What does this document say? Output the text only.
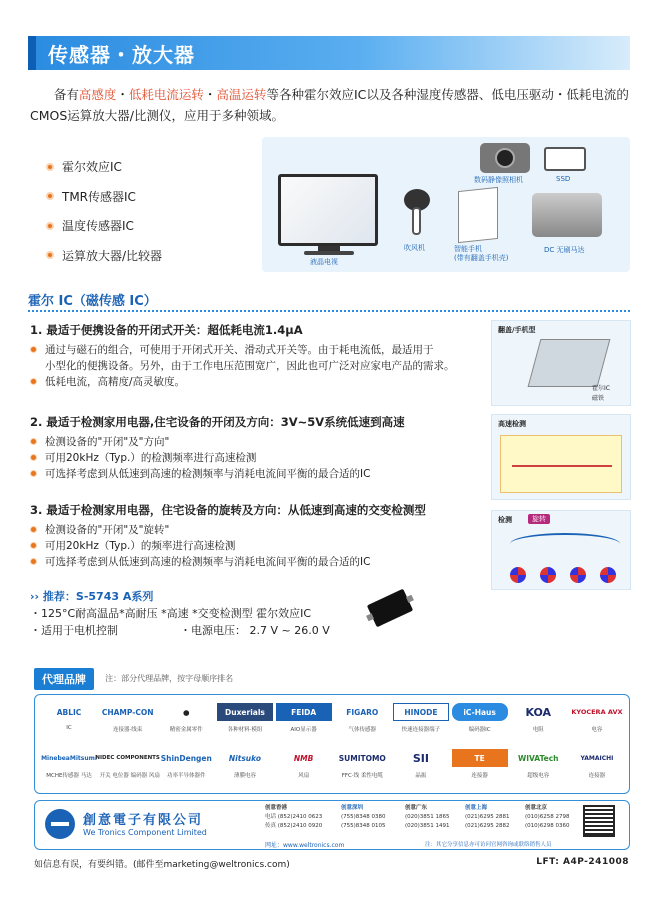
传感器・放大器
备有高感度・低耗电流运转・高温运转等各种霍尔效应IC以及各种湿度传感器、低电压驱动・低耗电流的CMOS运算放大器/比测仪，应用于多种领域。
霍尔效应IC
TMR传感器IC
温度传感器IC
运算放大器/比较器	液晶电视
吹风机	智能手机
(带有翻盖手机壳)
数码静像照相机	SSD
DC 无刷马达
霍尔 IC（磁传感 IC）
1. 最适于便携设备的开闭式开关：超低耗电流1.4μA

通过与磁石的组合，可使用于开闭式开关、滑动式开关等。由于耗电流低，最适用于

小型化的便携设备。另外，由于工作电压范围宽广，因此也可广泛对应家电产品的需求。

低耗电流，高精度/高灵敏度。

2. 最适于检测家用电器,住宅设备的开闭及方向：3V~5V系统低速到高速

检测设备的"开闭"及"方向"

可用20kHz（Typ.）的检测频率进行高速检测

可选择考虑到从低速到高速的检测频率与消耗电流间平衡的最合适的IC

3. 最适于检测家用电器，住宅设备的旋转及方向：从低速到高速的交变检测型

检测设备的"开闭"及"旋转"

可用20kHz（Typ.）的频率进行高速检测

可选择考虑到从低速到高速的检测频率与消耗电流间平衡的最合适的IC

翻盖/手机型
霍尔IC
磁铁
高速检测
检测	旋转
›› 推荐：S-5743 A系列
・125°C耐高温品*高耐压 *高速 *交变检测型 霍尔效应IC
・适用于电机控制	・电源电压： 2.7 V ~ 26.0 V
代理品牌 注：部分代理品牌，按字母顺序排名
ABLIC
IC
CHAMP-CON
连接器·线束
●
精密金属零件
Duxerials
各种材料·模组
FEIDA
AIO显示器
FIGARO
气体传感器
HINODE
快速连接器端子
iC-Haus
编码器IC
KOA
电阻
KYOCERA AVX
电容
MinebeaMitsumi
MCHE传感器 马达
NIDEC COMPONENTS
开关 电位器 编码器 风扇
ShinDengen
功率半导体器件
Nitsuko
薄膜电容
NMB
风扇
SUMITOMO
FFC·线 柔性电缆
SII
晶振
TE
连接器
WIVATech
超级电容
YAMAICHI
连接器
創意電子有限公司
We Tronics Component Limited
创意香港
电话 (852)2410 0623
传真 (852)2410 0920
创意深圳
(755)8348 0380
(755)8348 0105
创意广东
(020)3851 1865
(020)3851 1491
创意上海
(021)6295 2881
(021)6295 2882
创意北京
(010)6258 2798
(010)6298 0360
网址：www.weltronics.com	注：其它分享信息亦可访问官网咨询或联络销售人员
如信息有误，有要纠错。(邮件至marketing@weltronics.com)	LFT: A4P-241008
